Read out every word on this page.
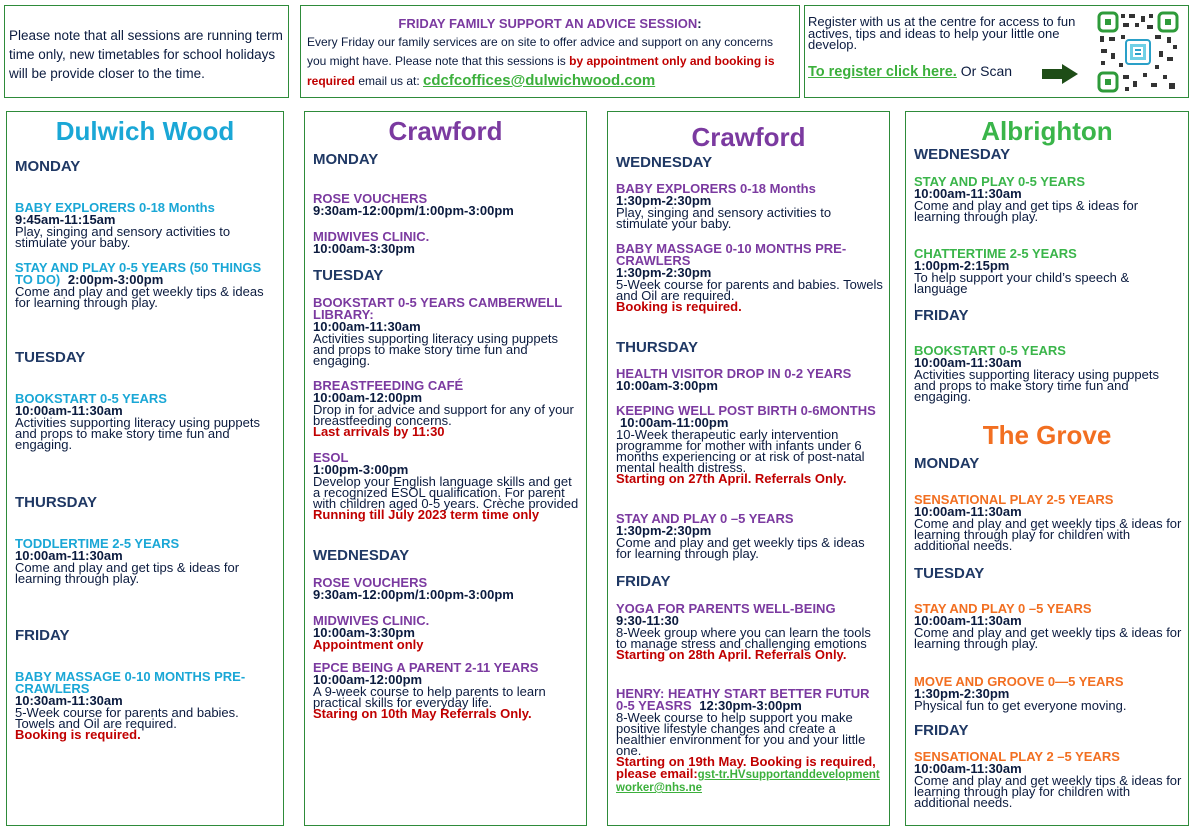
Please note that all sessions are running term time only, new timetables for school holidays will be provide closer to the time.
FRIDAY FAMILY SUPPORT AN ADVICE SESSION:
Every Friday our family services are on site to offer advice and support on any concerns you might have. Please note that this sessions is by appointment only and booking is required email us at: cdcfcoffices@dulwichwood.com
Register with us at the centre for access to fun actives, tips and ideas to help your little one develop.
To register click here. Or Scan
Dulwich Wood
MONDAY
BABY EXPLORERS 0-18 Months
9:45am-11:15am
Play, singing and sensory activities to stimulate your baby.
STAY AND PLAY 0-5 YEARS (50 THINGS TO DO) 2:00pm-3:00pm
Come and play and get weekly tips & ideas for learning through play.
TUESDAY
BOOKSTART 0-5 YEARS
10:00am-11:30am
Activities supporting literacy using puppets and props to make story time fun and engaging.
THURSDAY
TODDLERTIME 2-5 YEARS
10:00am-11:30am
Come and play and get tips & ideas for learning through play.
FRIDAY
BABY MASSAGE 0-10 MONTHS PRE-CRAWLERS
10:30am-11:30am
5-Week course for parents and babies. Towels and Oil are required.
Booking is required.
Crawford
MONDAY
ROSE VOUCHERS
9:30am-12:00pm/1:00pm-3:00pm
MIDWIVES CLINIC.
10:00am-3:30pm
TUESDAY
BOOKSTART 0-5 YEARS CAMBERWELL LIBRARY:
10:00am-11:30am
Activities supporting literacy using puppets and props to make story time fun and engaging.
BREASTFEEDING CAFÉ
10:00am-12:00pm
Drop in for advice and support for any of your breastfeeding concerns.
Last arrivals by 11:30
ESOL
1:00pm-3:00pm
Develop your English language skills and get a recognized ESOL qualification. For parent with children aged 0-5 years. Crèche provided
Running till July 2023 term time only
WEDNESDAY
ROSE VOUCHERS
9:30am-12:00pm/1:00pm-3:00pm
MIDWIVES CLINIC.
10:00am-3:30pm
Appointment only
EPCE BEING A PARENT 2-11 YEARS
10:00am-12:00pm
A 9-week course to help parents to learn practical skills for everyday life.
Staring on 10th May Referrals Only.
Crawford
WEDNESDAY
BABY EXPLORERS 0-18 Months
1:30pm-2:30pm
Play, singing and sensory activities to stimulate your baby.
BABY MASSAGE 0-10 MONTHS PRE-CRAWLERS
1:30pm-2:30pm
5-Week course for parents and babies. Towels and Oil are required.
Booking is required.
THURSDAY
HEALTH VISITOR DROP IN 0-2 YEARS
10:00am-3:00pm
KEEPING WELL POST BIRTH 0-6MONTHS 10:00am-11:00pm
10-Week therapeutic early intervention programme for mother with infants under 6 months experiencing or at risk of post-natal mental health distress.
Starting on 27th April. Referrals Only.
STAY AND PLAY 0 –5 YEARS
1:30pm-2:30pm
Come and play and get weekly tips & ideas for learning through play.
FRIDAY
YOGA FOR PARENTS WELL-BEING
9:30-11:30
8-Week group where you can learn the tools to manage stress and challenging emotions
Starting on 28th April. Referrals Only.
HENRY: HEATHY START BETTER FUTUR 0-5 YEASRS 12:30pm-3:00pm
8-Week course to help support you make positive lifestyle changes and create a healthier environment for you and your little one.
Starting on 19th May. Booking is required, please email:gst-tr.HVsupportanddevelopmentworker@nhs.ne
Albrighton
The Grove
WEDNESDAY
STAY AND PLAY 0-5 YEARS
10:00am-11:30am
Come and play and get tips & ideas for learning through play.
CHATTERTIME 2-5 YEARS
1:00pm-2:15pm
To help support your child’s speech & language
FRIDAY
BOOKSTART 0-5 YEARS
10:00am-11:30am
Activities supporting literacy using puppets and props to make story time fun and engaging.
MONDAY
SENSATIONAL PLAY 2-5 YEARS
10:00am-11:30am
Come and play and get weekly tips & ideas for learning through play for children with additional needs.
TUESDAY
STAY AND PLAY 0 –5 YEARS
10:00am-11:30am
Come and play and get weekly tips & ideas for learning through play.
MOVE AND GROOVE 0—5 YEARS
1:30pm-2:30pm
Physical fun to get everyone moving.
FRIDAY
SENSATIONAL PLAY 2 –5 YEARS
10:00am-11:30am
Come and play and get weekly tips & ideas for learning through play for children with additional needs.
